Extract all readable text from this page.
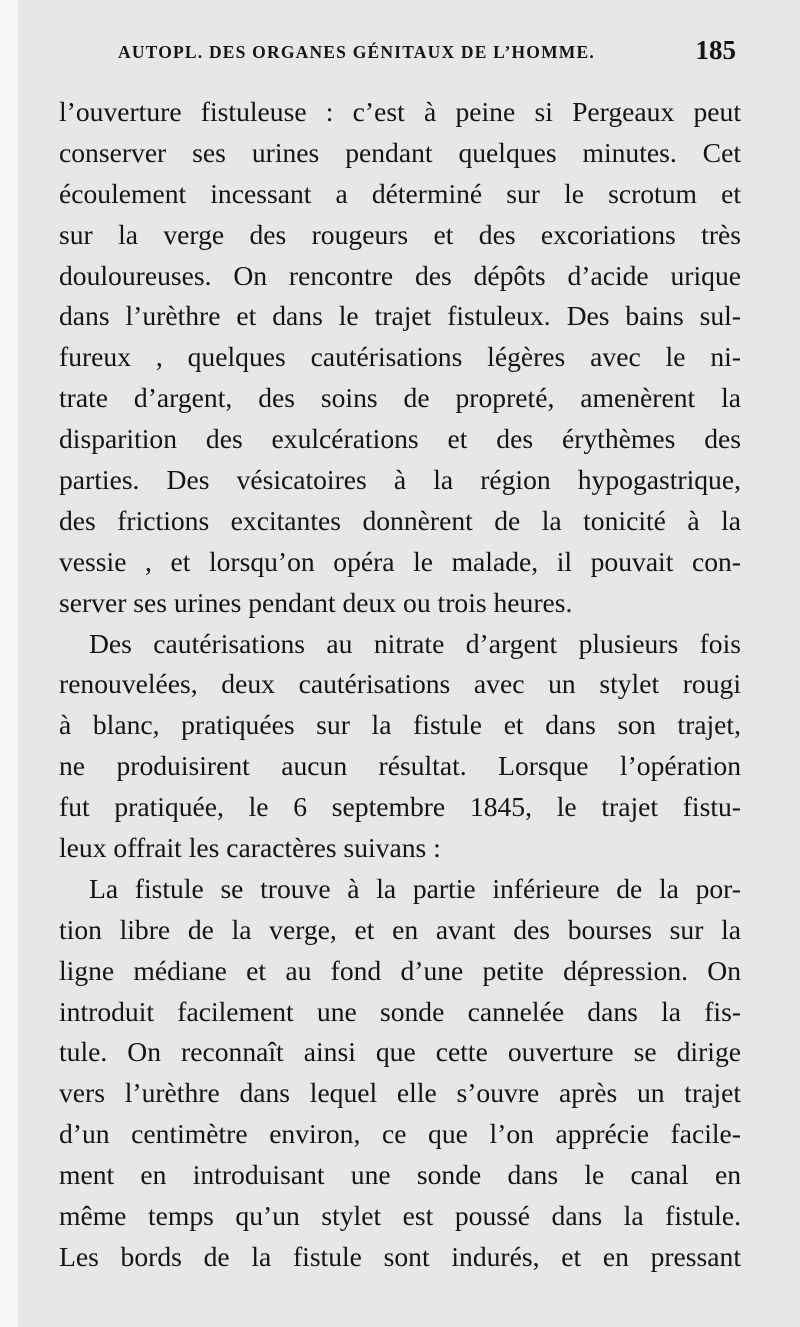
AUTOPL. DES ORGANES GÉNITAUX DE L’HOMME.	185
l’ouverture fistuleuse : c’est à peine si Pergeaux peut
conserver ses urines pendant quelques minutes. Cet
écoulement incessant a déterminé sur le scrotum et
sur la verge des rougeurs et des excoriations très
douloureuses. On rencontre des dépôts d’acide urique
dans l’urèthre et dans le trajet fistuleux. Des bains sul-
fureux , quelques cautérisations légères avec le ni-
trate d’argent, des soins de propreté, amenèrent la
disparition des exulcérations et des érythèmes des
parties. Des vésicatoires à la région hypogastrique,
des frictions excitantes donnèrent de la tonicité à la
vessie , et lorsqu’on opéra le malade, il pouvait con-
server ses urines pendant deux ou trois heures.
Des cautérisations au nitrate d’argent plusieurs fois
renouvelées, deux cautérisations avec un stylet rougi
à blanc, pratiquées sur la fistule et dans son trajet,
ne produisirent aucun résultat. Lorsque l’opération
fut pratiquée, le 6 septembre 1845, le trajet fistu-
leux offrait les caractères suivans :
La fistule se trouve à la partie inférieure de la por-
tion libre de la verge, et en avant des bourses sur la
ligne médiane et au fond d’une petite dépression. On
introduit facilement une sonde cannelée dans la fis-
tule. On reconnaît ainsi que cette ouverture se dirige
vers l’urèthre dans lequel elle s’ouvre après un trajet
d’un centimètre environ, ce que l’on apprécie facile-
ment en introduisant une sonde dans le canal en
même temps qu’un stylet est poussé dans la fistule.
Les bords de la fistule sont indurés, et en pressant
